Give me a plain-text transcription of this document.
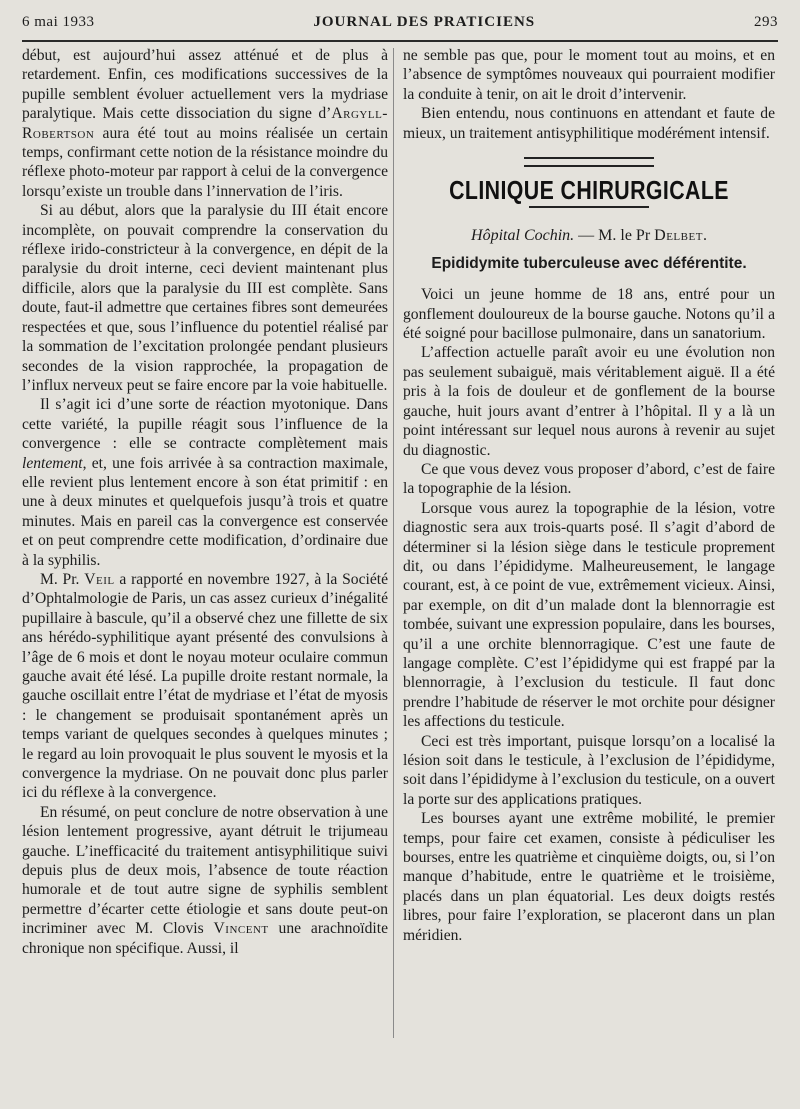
6 mai 1933	JOURNAL DES PRATICIENS	293

début, est aujourd’hui assez atténué et de plus à retardement. Enfin, ces modifications successives de la pupille semblent évoluer actuellement vers la mydriase paralytique. Mais cette dissociation du signe d’Argyll-Robertson aura été tout au moins réalisée un certain temps, confirmant cette notion de la résistance moindre du réflexe photo-moteur par rapport à celui de la convergence lorsqu’existe un trouble dans l’innervation de l’iris.

Si au début, alors que la paralysie du III était encore incomplète, on pouvait comprendre la conservation du réflexe irido-constricteur à la convergence, en dépit de la paralysie du droit interne, ceci devient maintenant plus difficile, alors que la paralysie du III est complète. Sans doute, faut-il admettre que certaines fibres sont demeurées respectées et que, sous l’influence du potentiel réalisé par la sommation de l’excitation prolongée pendant plusieurs secondes de la vision rapprochée, la propagation de l’influx nerveux peut se faire encore par la voie habituelle.

Il s’agit ici d’une sorte de réaction myotonique. Dans cette variété, la pupille réagit sous l’influence de la convergence : elle se contracte complètement mais lentement, et, une fois arrivée à sa contraction maximale, elle revient plus lentement encore à son état primitif : en une à deux minutes et quelquefois jusqu’à trois et quatre minutes. Mais en pareil cas la convergence est conservée et on peut comprendre cette modification, d’ordinaire due à la syphilis.

M. Pr. Veil a rapporté en novembre 1927, à la Société d’Ophtalmologie de Paris, un cas assez curieux d’inégalité pupillaire à bascule, qu’il a observé chez une fillette de six ans hérédo-syphilitique ayant présenté des convulsions à l’âge de 6 mois et dont le noyau moteur oculaire commun gauche avait été lésé. La pupille droite restant normale, la gauche oscillait entre l’état de mydriase et l’état de myosis : le changement se produisait spontanément après un temps variant de quelques secondes à quelques minutes ; le regard au loin provoquait le plus souvent le myosis et la convergence la mydriase. On ne pouvait donc plus parler ici du réflexe à la convergence.

En résumé, on peut conclure de notre observation à une lésion lentement progressive, ayant détruit le trijumeau gauche. L’inefficacité du traitement antisyphilitique suivi depuis plus de deux mois, l’absence de toute réaction humorale et de tout autre signe de syphilis semblent permettre d’écarter cette étiologie et sans doute peut-on incriminer avec M. Clovis Vincent une arachnoïdite chronique non spécifique. Aussi, il

ne semble pas que, pour le moment tout au moins, et en l’absence de symptômes nouveaux qui pourraient modifier la conduite à tenir, on ait le droit d’intervenir.

Bien entendu, nous continuons en attendant et faute de mieux, un traitement antisyphilitique modérément intensif.

CLINIQUE CHIRURGICALE
Hôpital Cochin. — M. le Pr Delbet.
Epididymite tuberculeuse avec déférentite.

Voici un jeune homme de 18 ans, entré pour un gonflement douloureux de la bourse gauche. Notons qu’il a été soigné pour bacillose pulmonaire, dans un sanatorium.

L’affection actuelle paraît avoir eu une évolution non pas seulement subaiguë, mais véritablement aiguë. Il a été pris à la fois de douleur et de gonflement de la bourse gauche, huit jours avant d’entrer à l’hôpital. Il y a là un point intéressant sur lequel nous aurons à revenir au sujet du diagnostic.

Ce que vous devez vous proposer d’abord, c’est de faire la topographie de la lésion.

Lorsque vous aurez la topographie de la lésion, votre diagnostic sera aux trois-quarts posé. Il s’agit d’abord de déterminer si la lésion siège dans le testicule proprement dit, ou dans l’épididyme. Malheureusement, le langage courant, est, à ce point de vue, extrêmement vicieux. Ainsi, par exemple, on dit d’un malade dont la blennorragie est tombée, suivant une expression populaire, dans les bourses, qu’il a une orchite blennorragique. C’est une faute de langage complète. C’est l’épididyme qui est frappé par la blennorragie, à l’exclusion du testicule. Il faut donc prendre l’habitude de réserver le mot orchite pour désigner les affections du testicule.

Ceci est très important, puisque lorsqu’on a localisé la lésion soit dans le testicule, à l’exclusion de l’épididyme, soit dans l’épididyme à l’exclusion du testicule, on a ouvert la porte sur des applications pratiques.

Les bourses ayant une extrême mobilité, le premier temps, pour faire cet examen, consiste à pédiculiser les bourses, entre les quatrième et cinquième doigts, ou, si l’on manque d’habitude, entre le quatrième et le troisième, placés dans un plan équatorial. Les deux doigts restés libres, pour faire l’exploration, se placeront dans un plan méridien.
